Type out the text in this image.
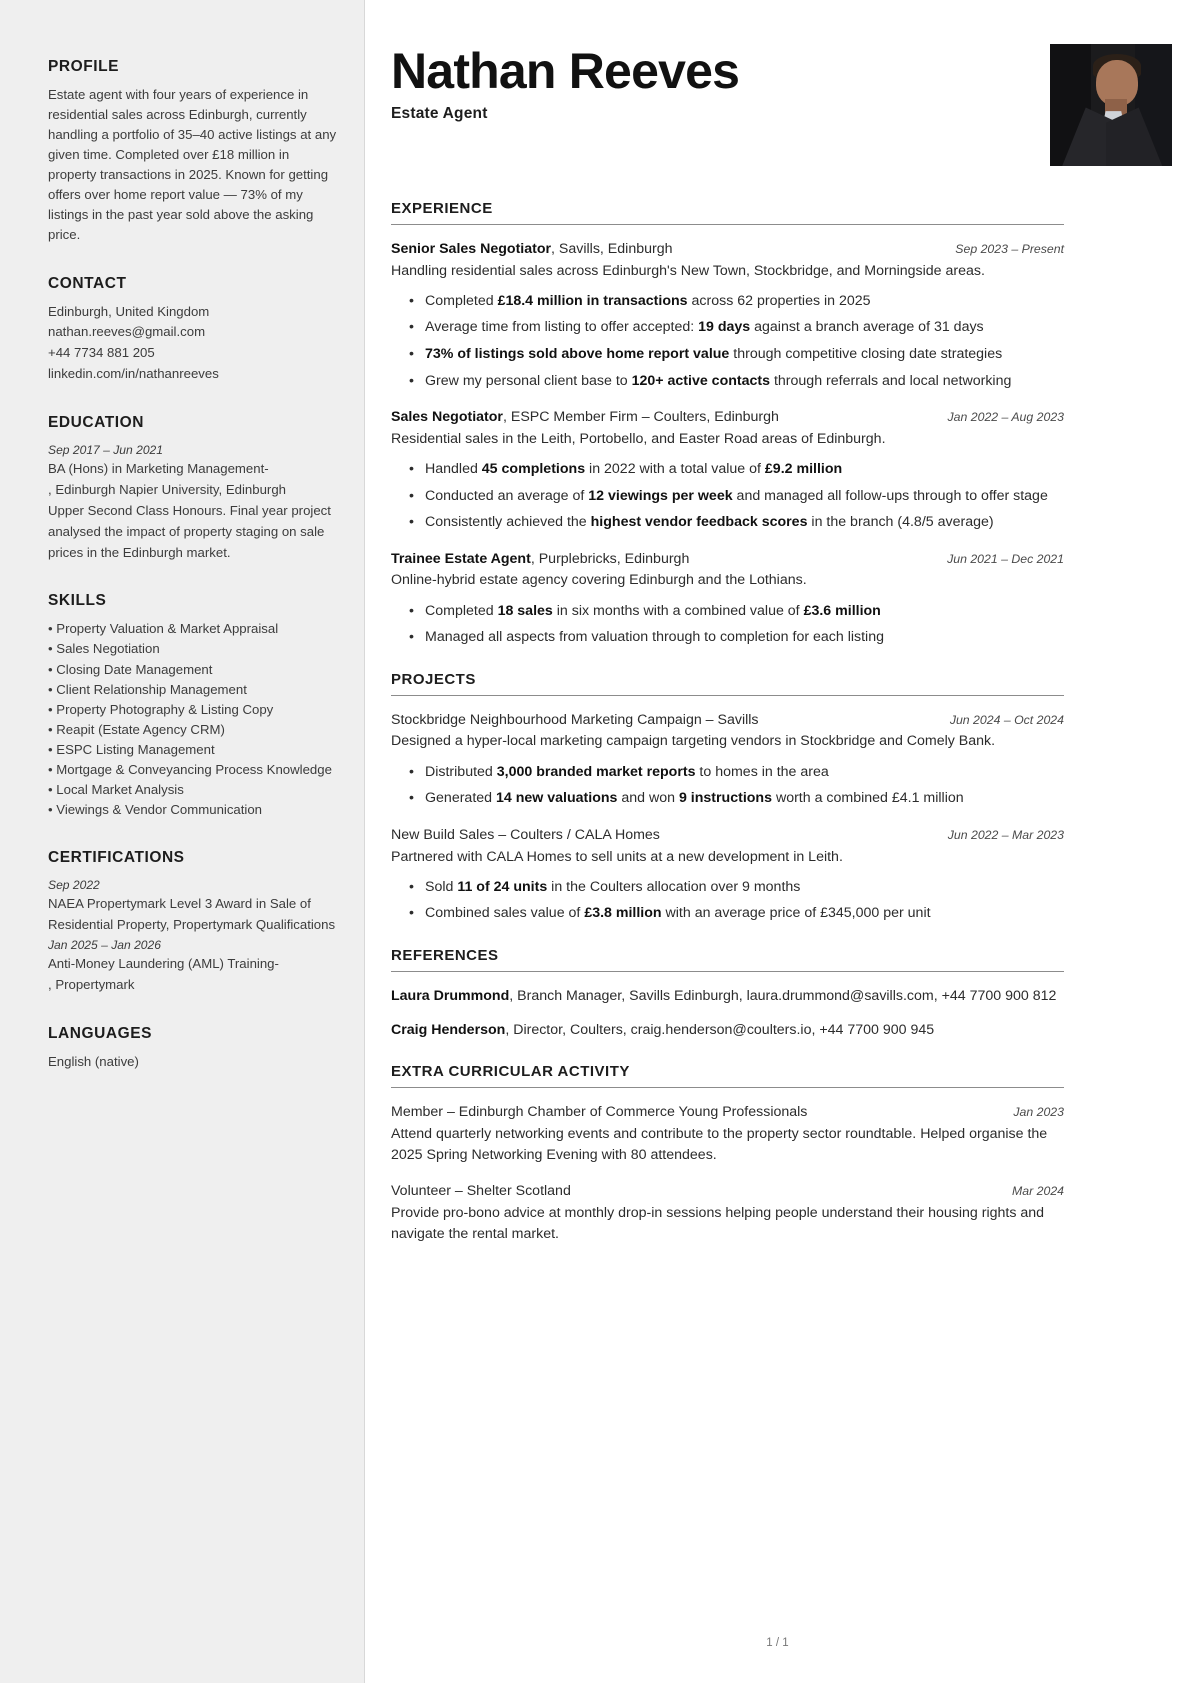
PROFILE
Estate agent with four years of experience in residential sales across Edinburgh, currently handling a portfolio of 35–40 active listings at any given time. Completed over £18 million in property transactions in 2025. Known for getting offers over home report value — 73% of my listings in the past year sold above the asking price.
CONTACT
Edinburgh, United Kingdom
nathan.reeves@gmail.com
+44 7734 881 205
linkedin.com/in/nathanreeves
EDUCATION
Sep 2017 – Jun 2021
BA (Hons) in Marketing Management-
, Edinburgh Napier University, Edinburgh
Upper Second Class Honours. Final year project analysed the impact of property staging on sale prices in the Edinburgh market.
SKILLS
• Property Valuation & Market Appraisal
• Sales Negotiation
• Closing Date Management
• Client Relationship Management
• Property Photography & Listing Copy
• Reapit (Estate Agency CRM)
• ESPC Listing Management
• Mortgage & Conveyancing Process Knowledge
• Local Market Analysis
• Viewings & Vendor Communication
CERTIFICATIONS
Sep 2022
NAEA Propertymark Level 3 Award in Sale of Residential Property, Propertymark Qualifications
Jan 2025 – Jan 2026
Anti-Money Laundering (AML) Training-
, Propertymark
LANGUAGES
English (native)
Nathan Reeves
Estate Agent
EXPERIENCE
Senior Sales Negotiator, Savills, Edinburgh	Sep 2023 – Present
Handling residential sales across Edinburgh's New Town, Stockbridge, and Morningside areas.
• Completed £18.4 million in transactions across 62 properties in 2025
• Average time from listing to offer accepted: 19 days against a branch average of 31 days
• 73% of listings sold above home report value through competitive closing date strategies
• Grew my personal client base to 120+ active contacts through referrals and local networking
Sales Negotiator, ESPC Member Firm – Coulters, Edinburgh	Jan 2022 – Aug 2023
Residential sales in the Leith, Portobello, and Easter Road areas of Edinburgh.
• Handled 45 completions in 2022 with a total value of £9.2 million
• Conducted an average of 12 viewings per week and managed all follow-ups through to offer stage
• Consistently achieved the highest vendor feedback scores in the branch (4.8/5 average)
Trainee Estate Agent, Purplebricks, Edinburgh	Jun 2021 – Dec 2021
Online-hybrid estate agency covering Edinburgh and the Lothians.
• Completed 18 sales in six months with a combined value of £3.6 million
• Managed all aspects from valuation through to completion for each listing
PROJECTS
Stockbridge Neighbourhood Marketing Campaign – Savills	Jun 2024 – Oct 2024
Designed a hyper-local marketing campaign targeting vendors in Stockbridge and Comely Bank.
• Distributed 3,000 branded market reports to homes in the area
• Generated 14 new valuations and won 9 instructions worth a combined £4.1 million
New Build Sales – Coulters / CALA Homes	Jun 2022 – Mar 2023
Partnered with CALA Homes to sell units at a new development in Leith.
• Sold 11 of 24 units in the Coulters allocation over 9 months
• Combined sales value of £3.8 million with an average price of £345,000 per unit
REFERENCES
Laura Drummond, Branch Manager, Savills Edinburgh, laura.drummond@savills.com, +44 7700 900 812
Craig Henderson, Director, Coulters, craig.henderson@coulters.io, +44 7700 900 945
EXTRA CURRICULAR ACTIVITY
Member – Edinburgh Chamber of Commerce Young Professionals	Jan 2023
Attend quarterly networking events and contribute to the property sector roundtable. Helped organise the 2025 Spring Networking Evening with 80 attendees.
Volunteer – Shelter Scotland	Mar 2024
Provide pro-bono advice at monthly drop-in sessions helping people understand their housing rights and navigate the rental market.
1 / 1
